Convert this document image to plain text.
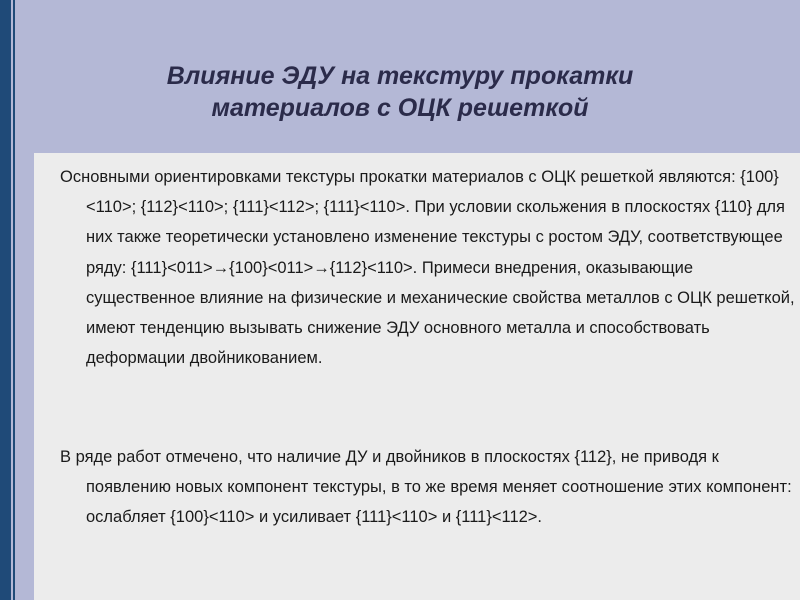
Влияние ЭДУ на текстуру прокатки
материалов с ОЦК решеткой

Основными ориентировками текстуры прокатки материалов с ОЦК решеткой являются: {100}<110>; {112}<110>; {111}<112>; {111}<110>. При условии скольжения в плоскостях {110} для них также теоретически установлено изменение текстуры с ростом ЭДУ, соответствующее ряду: {111}<011>→{100}<011>→{112}<110>. Примеси внедрения, оказывающие существенное влияние на физические и механические свойства металлов с ОЦК решеткой, имеют тенденцию вызывать снижение ЭДУ основного металла и способствовать деформации двойникованием.

В ряде работ отмечено, что наличие ДУ и двойников в плоскостях {112}, не приводя к появлению новых компонент текстуры, в то же время меняет соотношение этих компонент: ослабляет {100}<110> и усиливает {111}<110> и {111}<112>.
